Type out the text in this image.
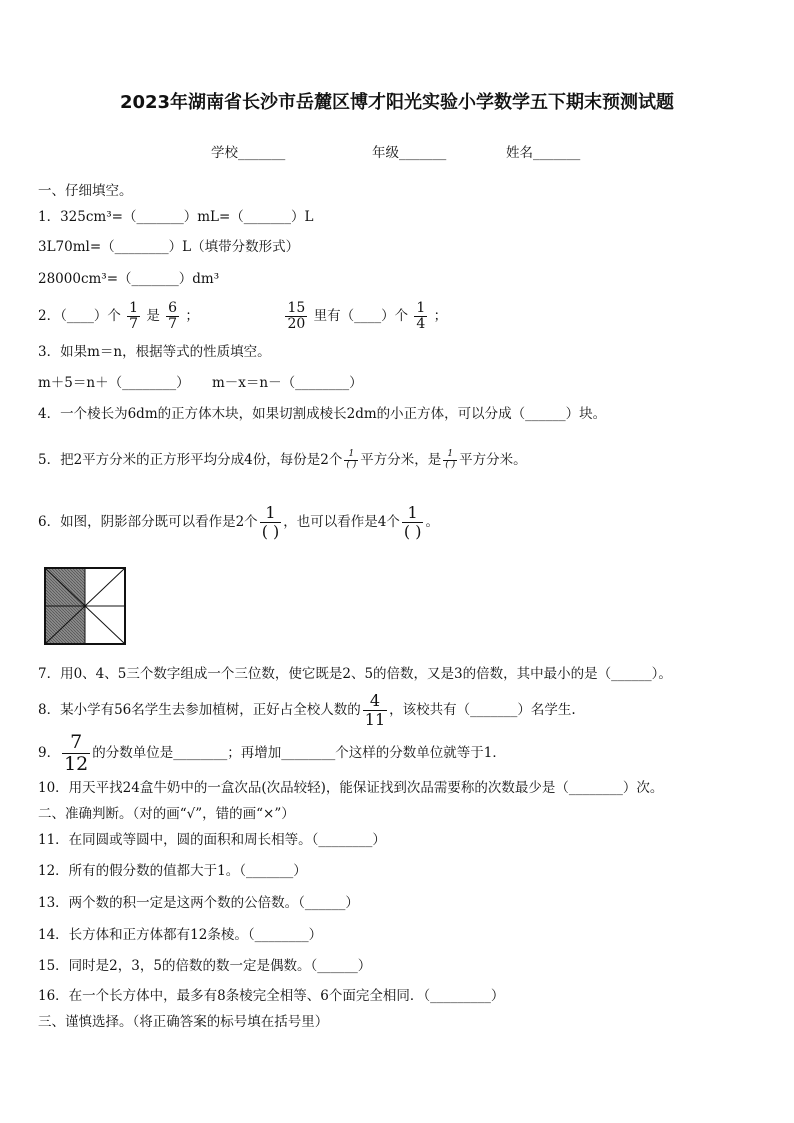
2023年湖南省长沙市岳麓区博才阳光实验小学数学五下期末预测试题
学校_______	年级_______	姓名_______
一、仔细填空。
1．325cm³=（_______）mL=（_______）L
3L70ml=（________）L（填带分数形式）
28000cm³=（_______）dm³
2．（____）个 $\frac{1}{7}$ 是 $\frac{6}{7}$ ；	$\frac{15}{20}$ 里有（____）个 $\frac{1}{4}$ ；
3．如果m＝n，根据等式的性质填空。
m＋5＝n＋（________） m－x＝n－（________）
4．一个棱长为6dm的正方体木块，如果切割成棱长2dm的小正方体，可以分成（______）块。
5．把2平方分米的正方形平均分成4份，每份是2个 $\frac{1}{( )}$ 平方分米，是 $\frac{1}{( )}$ 平方分米。
6．如图，阴影部分既可以看作是2个 $\frac{1}{( )}$ ，也可以看作是4个 $\frac{1}{( )}$ 。
7．用0、4、5三个数字组成一个三位数，使它既是2、5的倍数，又是3的倍数，其中最小的是（______）。
8．某小学有56名学生去参加植树，正好占全校人数的 $\frac{4}{11}$ ，该校共有（_______）名学生.
9． $\frac{7}{12}$ 的分数单位是________；再增加________个这样的分数单位就等于1．
10．用天平找24盒牛奶中的一盒次品(次品较轻)，能保证找到次品需要称的次数最少是（________）次。
二、准确判断。（对的画“√”，错的画“×”）
11．在同圆或等圆中，圆的面积和周长相等。（________）
12．所有的假分数的值都大于1。（_______）
13．两个数的积一定是这两个数的公倍数。（______）
14．长方体和正方体都有12条棱。（________）
15．同时是2，3，5的倍数的数一定是偶数。（______）
16．在一个长方体中，最多有8条棱完全相等、6个面完全相同．（_________）
三、谨慎选择。（将正确答案的标号填在括号里）
